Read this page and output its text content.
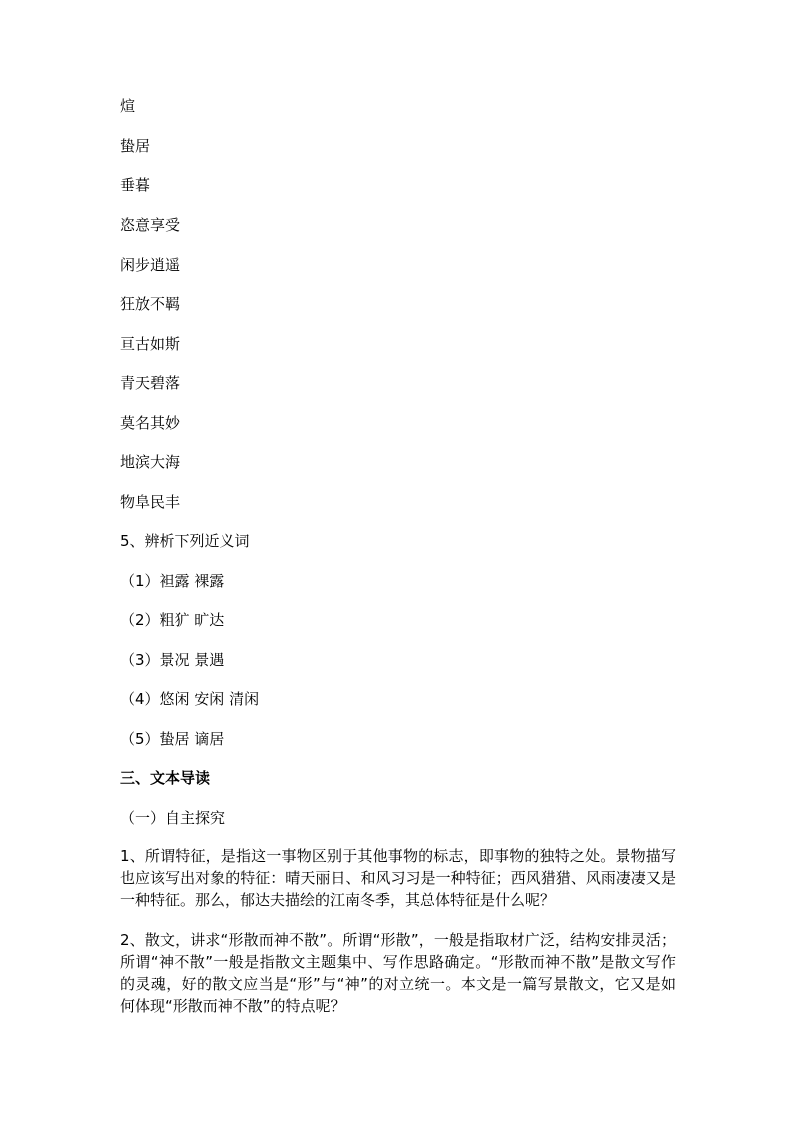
煊
蛰居
垂暮
恣意享受
闲步逍遥
狂放不羁
亘古如斯
青天碧落
莫名其妙
地滨大海
物阜民丰
5、辨析下列近义词
（1）袒露 裸露
（2）粗犷 旷达
（3）景况 景遇
（4）悠闲 安闲 清闲
（5）蛰居 谪居
三、文本导读
（一）自主探究
1、所谓特征，是指这一事物区别于其他事物的标志，即事物的独特之处。景物描写也应该写出对象的特征：晴天丽日、和风习习是一种特征；西风猎猎、风雨凄凄又是一种特征。那么，郁达夫描绘的江南冬季，其总体特征是什么呢？
2、散文，讲求“形散而神不散”。所谓“形散”，一般是指取材广泛，结构安排灵活；所谓“神不散”一般是指散文主题集中、写作思路确定。“形散而神不散”是散文写作的灵魂，好的散文应当是“形”与“神”的对立统一。本文是一篇写景散文，它又是如何体现“形散而神不散”的特点呢？
